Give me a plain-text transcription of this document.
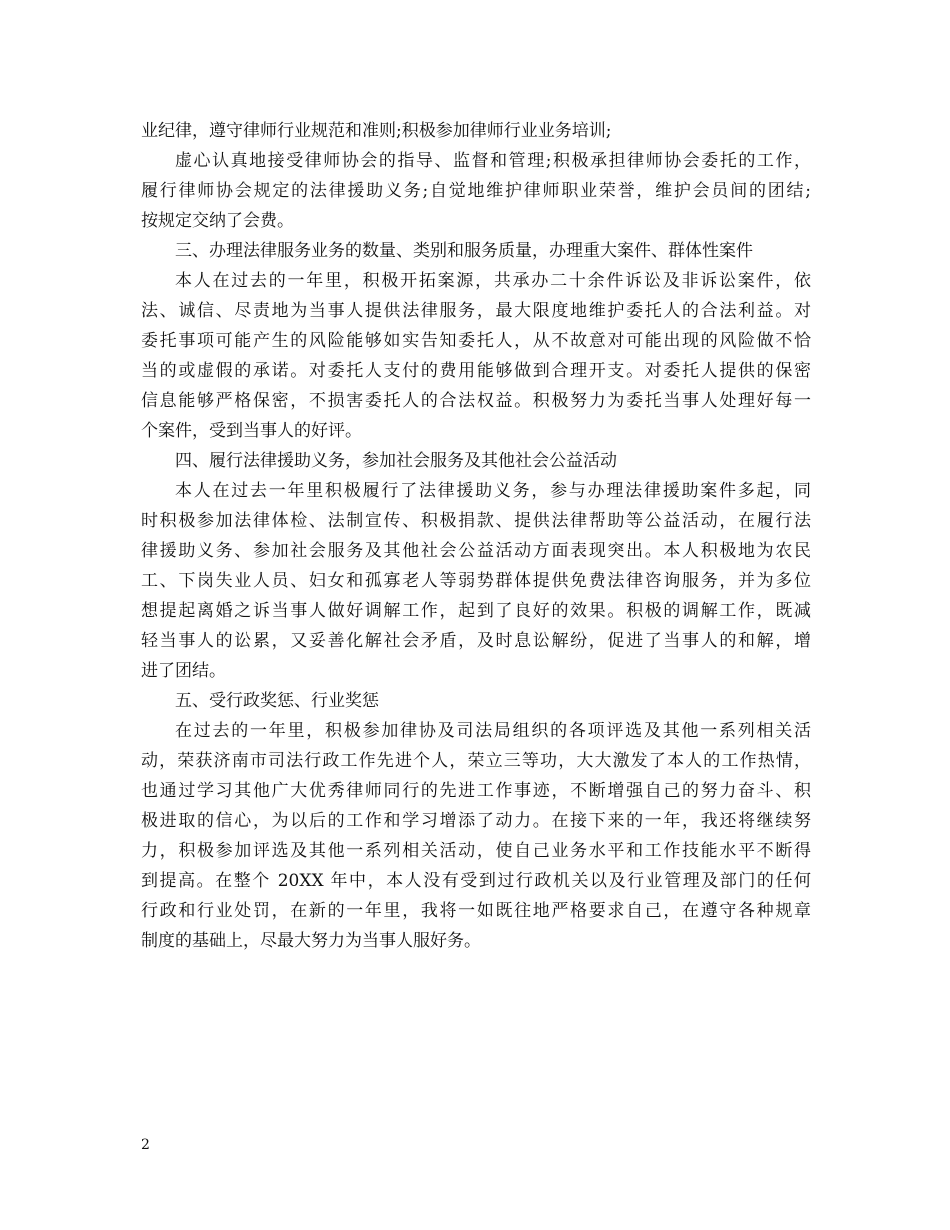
业纪律，遵守律师行业规范和准则;积极参加律师行业业务培训;
虚心认真地接受律师协会的指导、监督和管理;积极承担律师协会委托的工作，
履行律师协会规定的法律援助义务;自觉地维护律师职业荣誉，维护会员间的团结;
按规定交纳了会费。
三、办理法律服务业务的数量、类别和服务质量，办理重大案件、群体性案件
本人在过去的一年里，积极开拓案源，共承办二十余件诉讼及非诉讼案件，依
法、诚信、尽责地为当事人提供法律服务，最大限度地维护委托人的合法利益。对
委托事项可能产生的风险能够如实告知委托人，从不故意对可能出现的风险做不恰
当的或虚假的承诺。对委托人支付的费用能够做到合理开支。对委托人提供的保密
信息能够严格保密，不损害委托人的合法权益。积极努力为委托当事人处理好每一
个案件，受到当事人的好评。
四、履行法律援助义务，参加社会服务及其他社会公益活动
本人在过去一年里积极履行了法律援助义务，参与办理法律援助案件多起，同
时积极参加法律体检、法制宣传、积极捐款、提供法律帮助等公益活动，在履行法
律援助义务、参加社会服务及其他社会公益活动方面表现突出。本人积极地为农民
工、下岗失业人员、妇女和孤寡老人等弱势群体提供免费法律咨询服务，并为多位
想提起离婚之诉当事人做好调解工作，起到了良好的效果。积极的调解工作，既减
轻当事人的讼累，又妥善化解社会矛盾，及时息讼解纷，促进了当事人的和解，增
进了团结。
五、受行政奖惩、行业奖惩
在过去的一年里，积极参加律协及司法局组织的各项评选及其他一系列相关活
动，荣获济南市司法行政工作先进个人，荣立三等功，大大激发了本人的工作热情，
也通过学习其他广大优秀律师同行的先进工作事迹，不断增强自己的努力奋斗、积
极进取的信心，为以后的工作和学习增添了动力。在接下来的一年，我还将继续努
力，积极参加评选及其他一系列相关活动，使自己业务水平和工作技能水平不断得
到提高。在整个 20XX 年中，本人没有受到过行政机关以及行业管理及部门的任何
行政和行业处罚，在新的一年里，我将一如既往地严格要求自己，在遵守各种规章
制度的基础上，尽最大努力为当事人服好务。
2
